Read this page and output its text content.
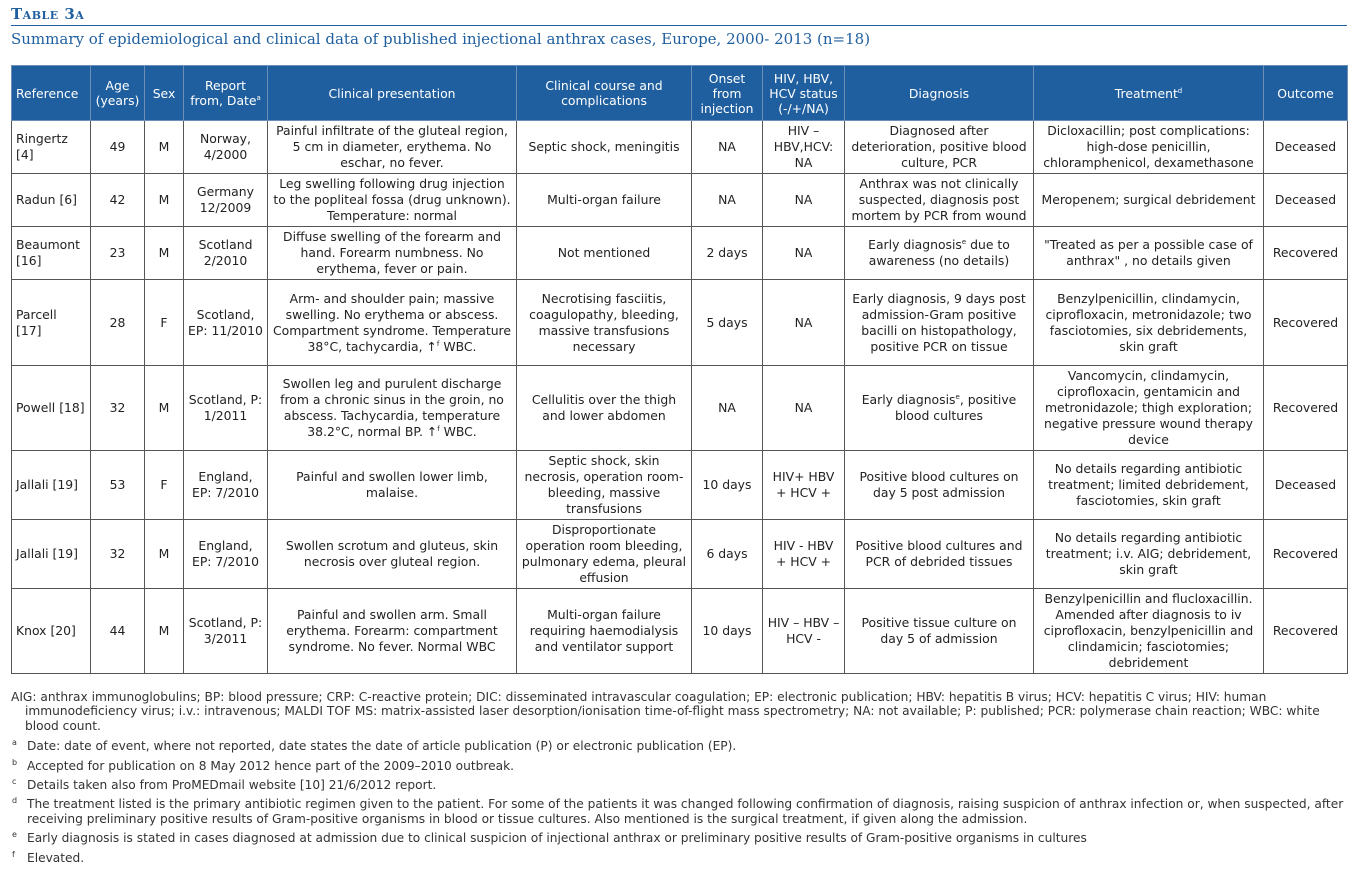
Table 3a
Summary of epidemiological and clinical data of published injectional anthrax cases, Europe, 2000- 2013 (n=18)
Reference	Age (years)	Sex	Report from, Date$^a$	Clinical presentation	Clinical course and complications	Onset from injection	HIV, HBV, HCV status (-/+/NA)	Diagnosis	Treatment$^d$	Outcome
Ringertz [4]	49	M	Norway, 4/2000	Painful infiltrate of the gluteal region, 5 cm in diameter, erythema. No eschar, no fever.	Septic shock, meningitis	NA	HIV – HBV,HCV: NA	Diagnosed after deterioration, positive blood culture, PCR	Dicloxacillin; post complications: high-dose penicillin, chloramphenicol, dexamethasone	Deceased
Radun [6]	42	M	Germany 12/2009	Leg swelling following drug injection to the popliteal fossa (drug unknown). Temperature: normal	Multi-organ failure	NA	NA	Anthrax was not clinically suspected, diagnosis post mortem by PCR from wound	Meropenem; surgical debridement	Deceased
Beaumont [16]	23	M	Scotland 2/2010	Diffuse swelling of the forearm and hand. Forearm numbness. No erythema, fever or pain.	Not mentioned	2 days	NA	Early diagnosis$^e$ due to awareness (no details)	"Treated as per a possible case of anthrax" , no details given	Recovered
Parcell [17]	28	F	Scotland, EP: 11/2010	Arm- and shoulder pain; massive swelling. No erythema or abscess. Compartment syndrome. Temperature 38°C, tachycardia, ↑$^f$ WBC.	Necrotising fasciitis, coagulopathy, bleeding, massive transfusions necessary	5 days	NA	Early diagnosis, 9 days post admission-Gram positive bacilli on histopathology, positive PCR on tissue	Benzylpenicillin, clindamycin, ciprofloxacin, metronidazole; two fasciotomies, six debridements, skin graft	Recovered
Powell [18]	32	M	Scotland, P: 1/2011	Swollen leg and purulent discharge from a chronic sinus in the groin, no abscess. Tachycardia, temperature 38.2°C, normal BP. ↑$^f$ WBC.	Cellulitis over the thigh and lower abdomen	NA	NA	Early diagnosis$^e$, positive blood cultures	Vancomycin, clindamycin, ciprofloxacin, gentamicin and metronidazole; thigh exploration; negative pressure wound therapy device	Recovered
Jallali [19]	53	F	England, EP: 7/2010	Painful and swollen lower limb, malaise.	Septic shock, skin necrosis, operation room- bleeding, massive transfusions	10 days	HIV+ HBV + HCV +	Positive blood cultures on day 5 post admission	No details regarding antibiotic treatment; limited debridement, fasciotomies, skin graft	Deceased
Jallali [19]	32	M	England, EP: 7/2010	Swollen scrotum and gluteus, skin necrosis over gluteal region.	Disproportionate operation room bleeding, pulmonary edema, pleural effusion	6 days	HIV - HBV + HCV +	Positive blood cultures and PCR of debrided tissues	No details regarding antibiotic treatment; i.v. AIG; debridement, skin graft	Recovered
Knox [20]	44	M	Scotland, P: 3/2011	Painful and swollen arm. Small erythema. Forearm: compartment syndrome. No fever. Normal WBC	Multi-organ failure requiring haemodialysis and ventilator support	10 days	HIV – HBV – HCV -	Positive tissue culture on day 5 of admission	Benzylpenicillin and flucloxacillin. Amended after diagnosis to iv ciprofloxacin, benzylpenicillin and clindamicin; fasciotomies; debridement	Recovered
AIG: anthrax immunoglobulins; BP: blood pressure; CRP: C-reactive protein; DIC: disseminated intravascular coagulation; EP: electronic publication; HBV: hepatitis B virus; HCV: hepatitis C virus; HIV: human immunodeficiency virus; i.v.: intravenous; MALDI TOF MS: matrix-assisted laser desorption/ionisation time-of-flight mass spectrometry; NA: not available; P: published; PCR: polymerase chain reaction; WBC: white blood count.
a Date: date of event, where not reported, date states the date of article publication (P) or electronic publication (EP).
b Accepted for publication on 8 May 2012 hence part of the 2009–2010 outbreak.
c Details taken also from ProMEDmail website [10] 21/6/2012 report.
d The treatment listed is the primary antibiotic regimen given to the patient. For some of the patients it was changed following confirmation of diagnosis, raising suspicion of anthrax infection or, when suspected, after receiving preliminary positive results of Gram-positive organisms in blood or tissue cultures. Also mentioned is the surgical treatment, if given along the admission.
e Early diagnosis is stated in cases diagnosed at admission due to clinical suspicion of injectional anthrax or preliminary positive results of Gram-positive organisms in cultures
f Elevated.
